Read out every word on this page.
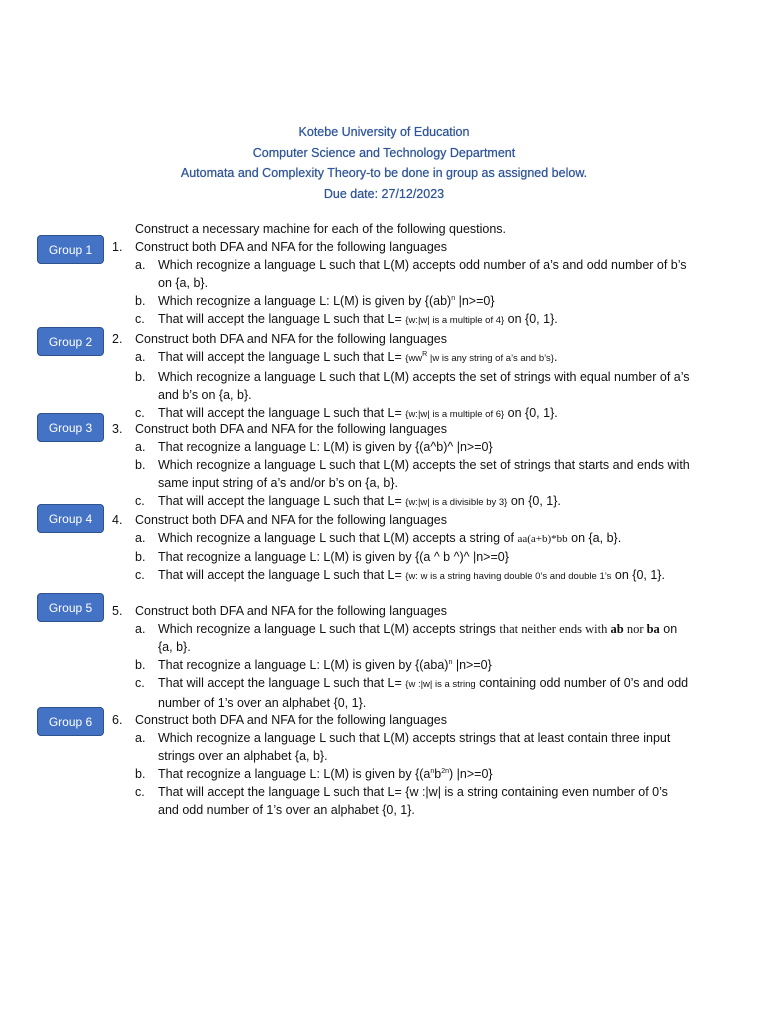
Kotebe University of Education
Computer Science and Technology Department
Automata and Complexity Theory-to be done in group as assigned below.
Due date: 27/12/2023
Construct a necessary machine for each of the following questions.
Group 1
Group 2
Group 3
Group 4
Group 5
Group 6
1.	Construct both DFA and NFA for the following languages
a.	Which recognize a language L such that L(M) accepts odd number of a’s and odd number of b’s on {a, b}.
b.	Which recognize a language L: L(M) is given by {(ab)$^n$ |n>=0}
c.	That will accept the language L such that L= {w:|w| is a multiple of 4} on {0, 1}.
2.	Construct both DFA and NFA for the following languages
a.	That will accept the language L such that $L= \{ww^R$ |w is any string of a’s and b’s}.
b.	Which recognize a language L such that L(M) accepts the set of strings with equal number of a’s and b’s on {a, b}.
c.	That will accept the language L such that L= {w:|w| is a multiple of 6} on {0, 1}.
3.	Construct both DFA and NFA for the following languages
a.	That recognize a language L: L(M) is given by {(a^b)^ |n>=0}
b.	Which recognize a language L such that L(M) accepts the set of strings that starts and ends with same input string of a’s and/or b’s on {a, b}.
c.	That will accept the language L such that L= {w:|w| is a divisible by 3} on {0, 1}.
4.	Construct both DFA and NFA for the following languages
a.	Which recognize a language L such that L(M) accepts a string of aa(a+b)*bb on {a, b}.
b.	That recognize a language L: L(M) is given by {(a ^ b ^)^ |n>=0}
c.	That will accept the language L such that L= {w: w is a string having double 0’s and double 1’s on {0, 1}.
5.	Construct both DFA and NFA for the following languages
a.	Which recognize a language L such that L(M) accepts strings that neither ends with ab nor ba on {a, b}.
b.	That recognize a language L: L(M) is given by {(aba)$^n$ |n>=0}
c.	That will accept the language L such that L= {w :|w| is a string containing odd number of 0’s and odd number of 1’s over an alphabet {0, 1}.
6.	Construct both DFA and NFA for the following languages
a.	Which recognize a language L such that L(M) accepts strings that at least contain three input strings over an alphabet {a, b}.
b.	That recognize a language L: L(M) is given by {$(a^nb^{2n})$ |n>=0}
c.	That will accept the language L such that L= {w :|w| is a string containing even number of 0’s and odd number of 1’s over an alphabet {0, 1}.
